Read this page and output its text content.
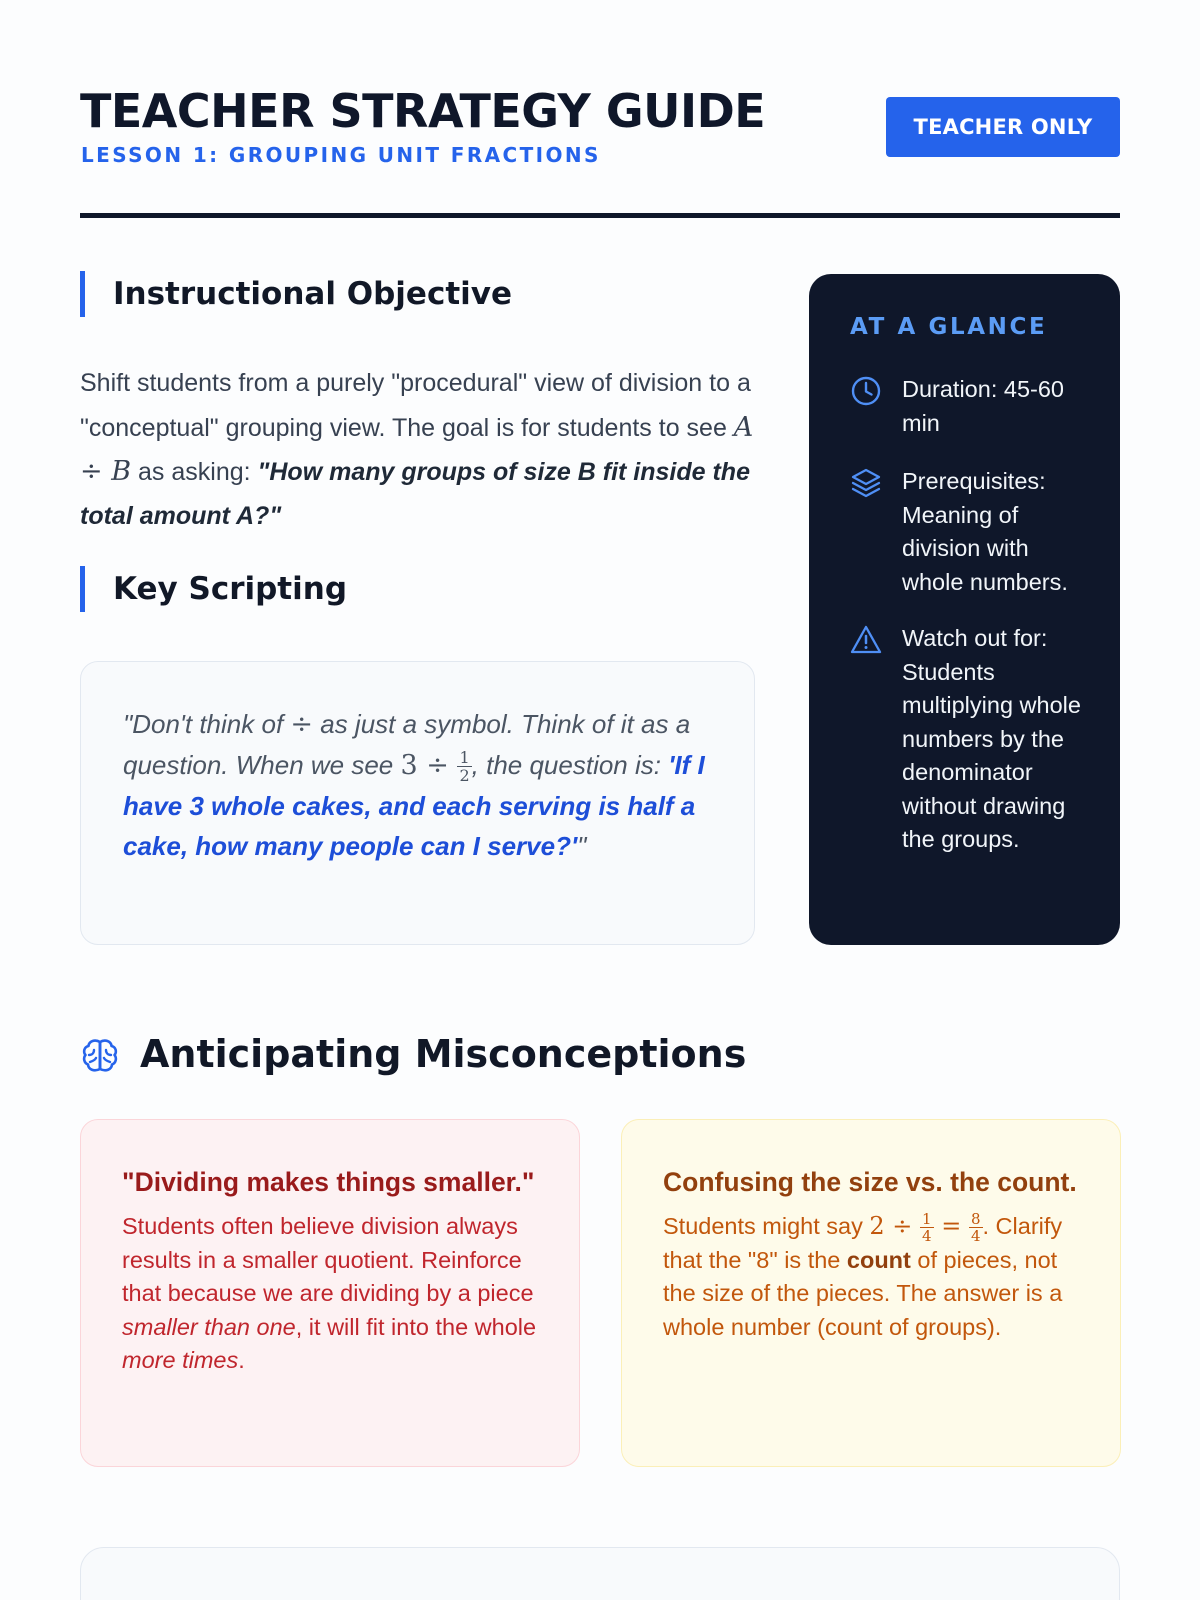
TEACHER STRATEGY GUIDE
LESSON 1: GROUPING UNIT FRACTIONS
TEACHER ONLY
Instructional Objective
Shift students from a purely "procedural" view of division to a "conceptual" grouping view. The goal is for students to see A ÷ B as asking: "How many groups of size B fit inside the total amount A?"
Key Scripting
"Don't think of ÷ as just a symbol. Think of it as a question. When we see $3 \div \frac{1}{2}$ , the question is: 'If I have 3 whole cakes, and each serving is half a cake, how many people can I serve?'"
AT A GLANCE
Duration: 45-60 min
Prerequisites: Meaning of division with whole numbers.
Watch out for: Students multiplying whole numbers by the denominator without drawing the groups.
Anticipating Misconceptions
"Dividing makes things smaller."
Students often believe division always results in a smaller quotient. Reinforce that because we are dividing by a piece smaller than one, it will fit into the whole more times.
Confusing the size vs. the count.
Students might say $2 \div \frac{1}{4} = \frac{8}{4}$ . Clarify that the "8" is the count of pieces, not the size of the pieces. The answer is a whole number (count of groups).
